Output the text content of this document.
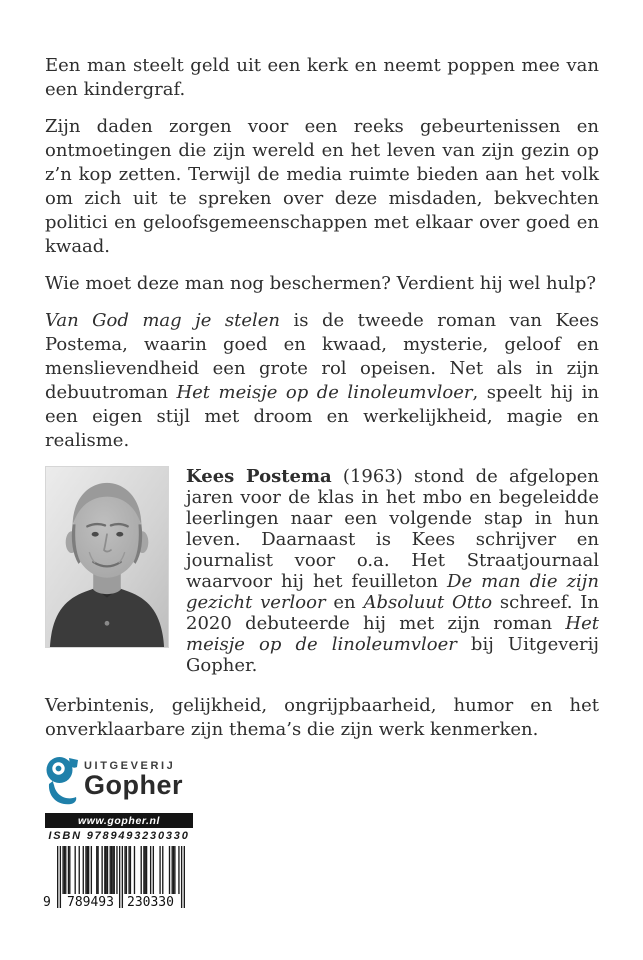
Een man steelt geld uit een kerk en neemt poppen mee van een kindergraf.

Zijn daden zorgen voor een reeks gebeurtenissen en ontmoetingen die zijn wereld en het leven van zijn gezin op z’n kop zetten. Terwijl de media ruimte bieden aan het volk om zich uit te spreken over deze misdaden, bekvechten politici en geloofsgemeenschappen met elkaar over goed en kwaad.

Wie moet deze man nog beschermen? Verdient hij wel hulp?

Van God mag je stelen is de tweede roman van Kees Postema, waarin goed en kwaad, mysterie, geloof en menslievendheid een grote rol opeisen. Net als in zijn debuutroman Het meisje op de linoleumvloer, speelt hij in een eigen stijl met droom en werkelijkheid, magie en realisme.

Kees Postema (1963) stond de afgelopen jaren voor de klas in het mbo en begeleidde leerlingen naar een volgende stap in hun leven. Daarnaast is Kees schrijver en journalist voor o.a. Het Straatjournaal waarvoor hij het feuilleton De man die zijn gezicht verloor en Absoluut Otto schreef. In 2020 debuteerde hij met zijn roman Het meisje op de linoleumvloer bij Uitgeverij Gopher.

Verbintenis, gelijkheid, ongrijpbaarheid, humor en het onverklaarbare zijn thema’s die zijn werk kenmerken.

UITGEVERIJ
Gopher
www.gopher.nl
ISBN 9789493230330
9 789493 230330
